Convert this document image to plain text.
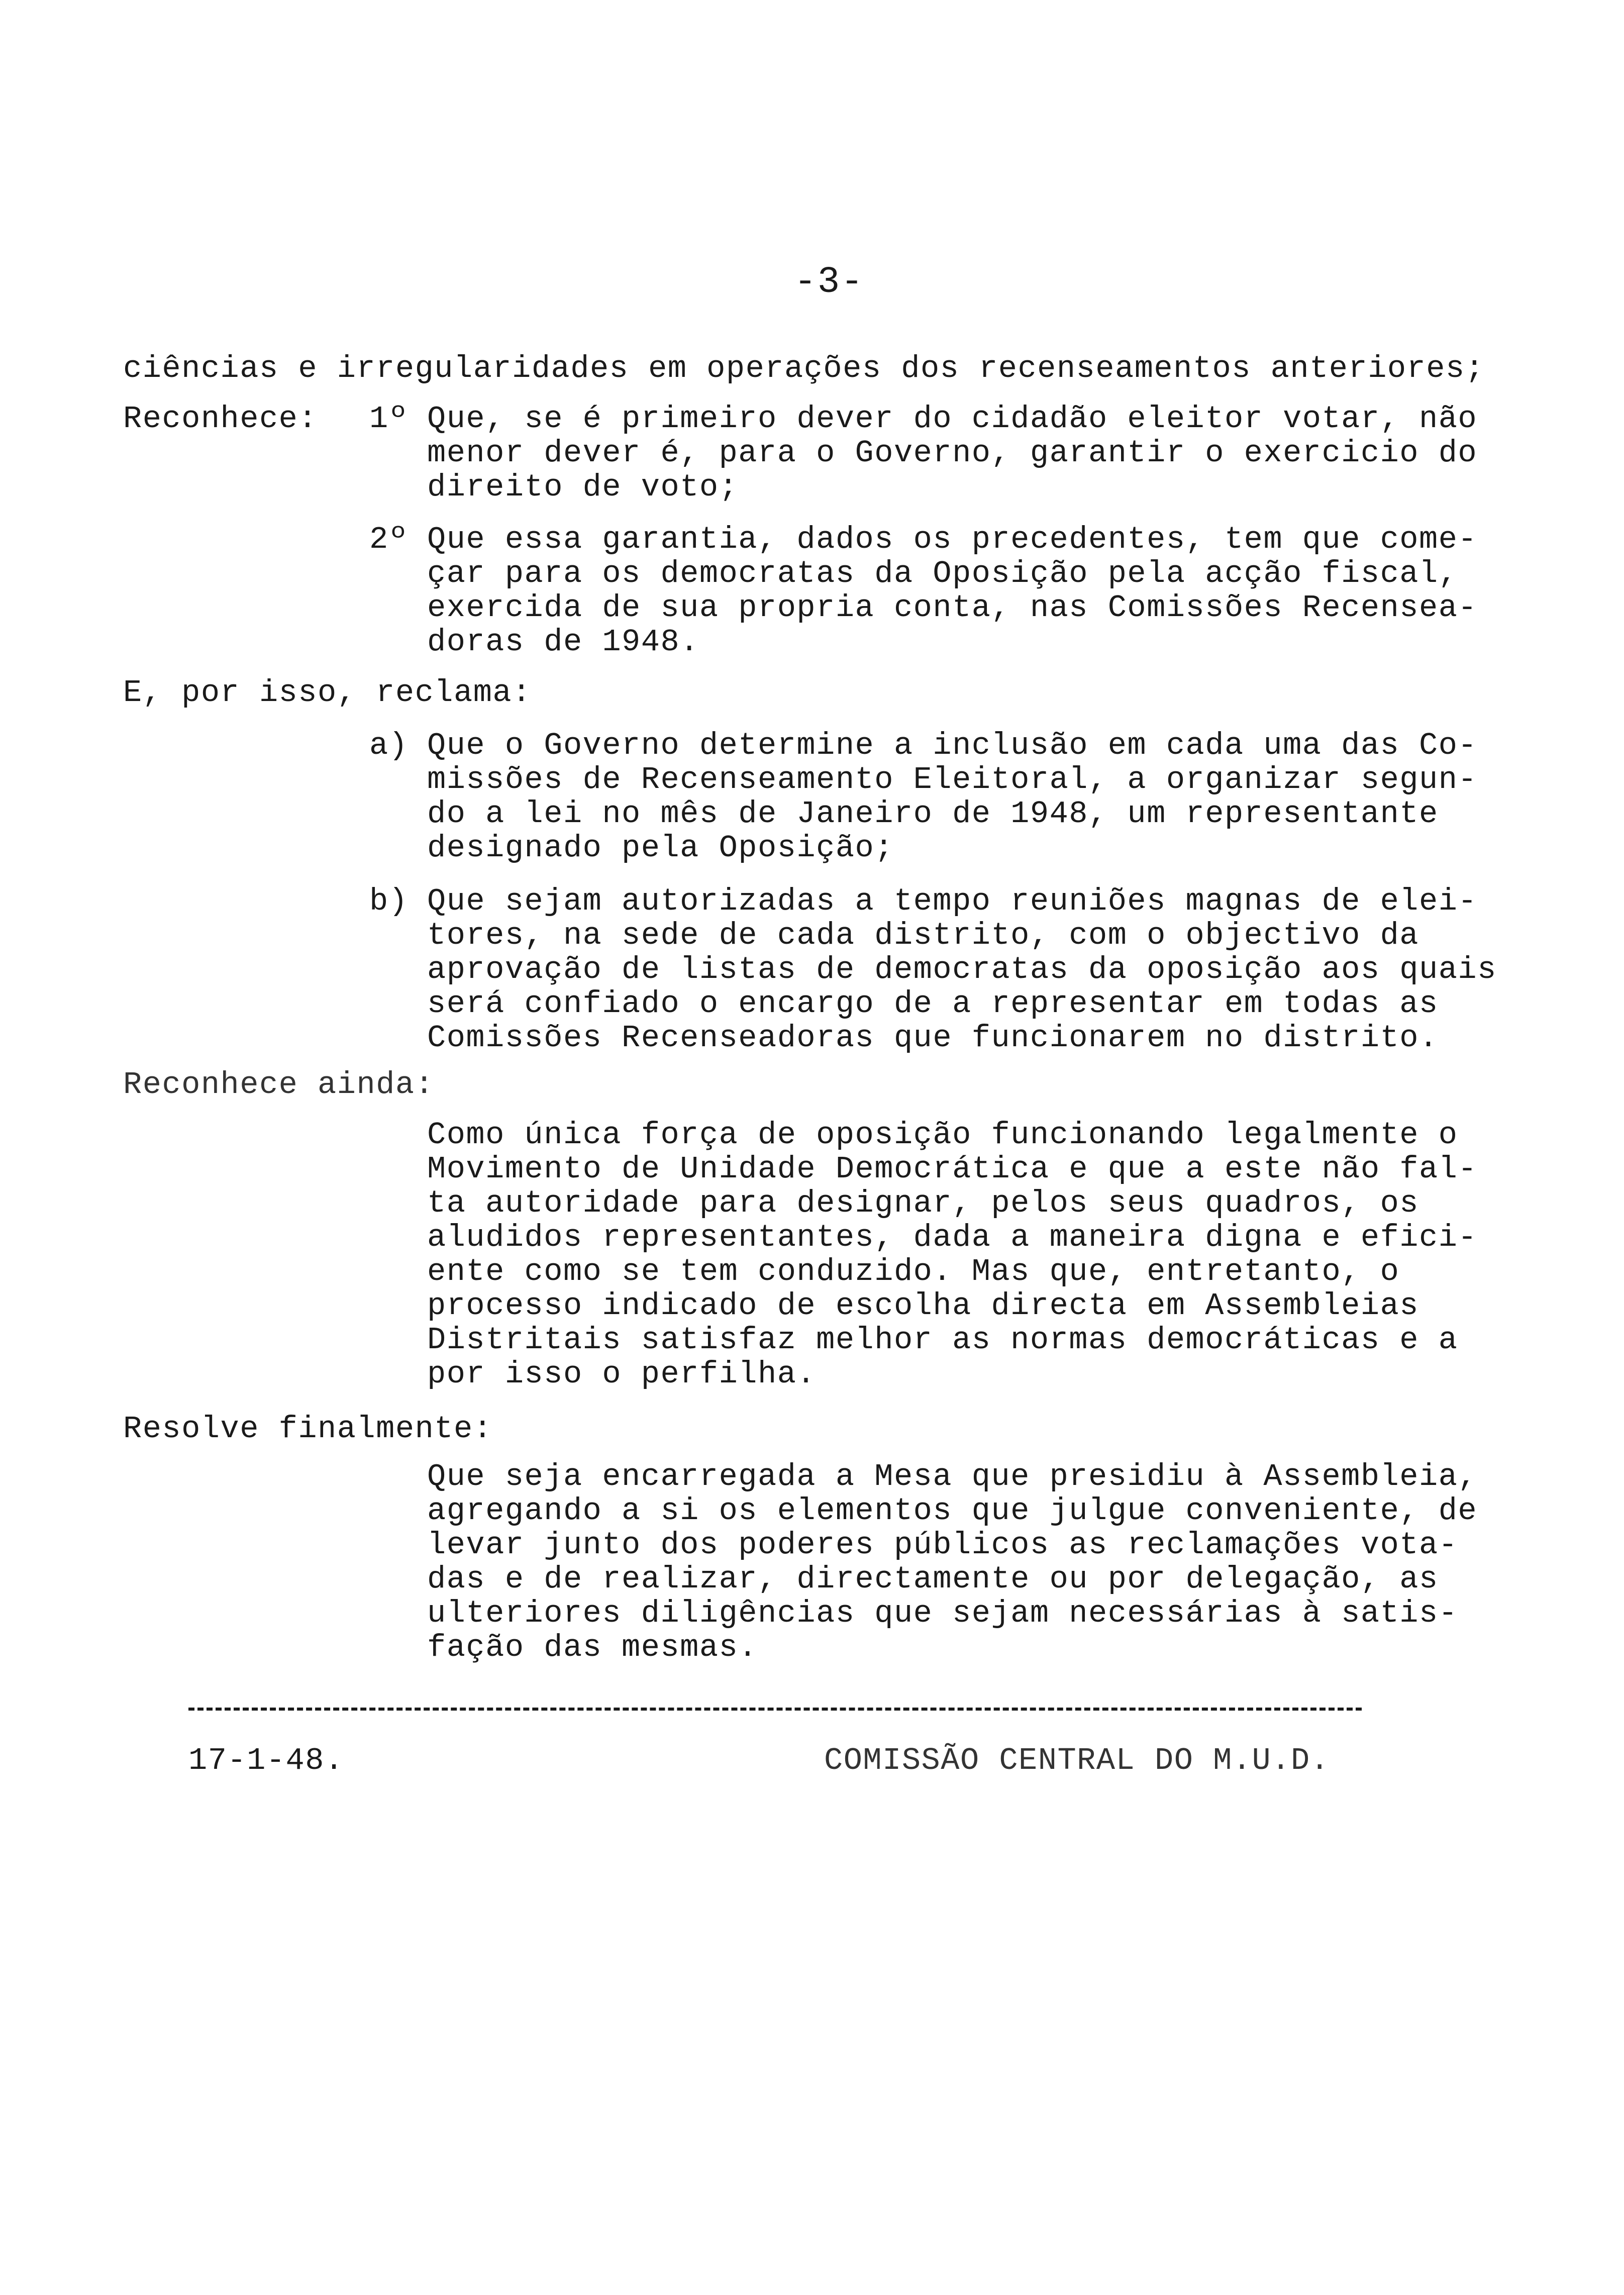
-3-
ciências e irregularidades em operações dos recenseamentos anteriores;
Reconhece: 1º Que, se é primeiro dever do cidadão eleitor votar, não
menor dever é, para o Governo, garantir o exercicio do
direito de voto;
2º Que essa garantia, dados os precedentes, tem que come-
çar para os democratas da Oposição pela acção fiscal,
exercida de sua propria conta, nas Comissões Recensea-
doras de 1948.
E, por isso, reclama:
a) Que o Governo determine a inclusão em cada uma das Co-
missões de Recenseamento Eleitoral, a organizar segun-
do a lei no mês de Janeiro de 1948, um representante
designado pela Oposição;
b) Que sejam autorizadas a tempo reuniões magnas de elei-
tores, na sede de cada distrito, com o objectivo da
aprovação de listas de democratas da oposição aos quais
será confiado o encargo de a representar em todas as
Comissões Recenseadoras que funcionarem no distrito.
Reconhece ainda:
Como única força de oposição funcionando legalmente o
Movimento de Unidade Democrática e que a este não fal-
ta autoridade para designar, pelos seus quadros, os
aludidos representantes, dada a maneira digna e efici-
ente como se tem conduzido. Mas que, entretanto, o
processo indicado de escolha directa em Assembleias
Distritais satisfaz melhor as normas democráticas e a
por isso o perfilha.
Resolve finalmente:
Que seja encarregada a Mesa que presidiu à Assembleia,
agregando a si os elementos que julgue conveniente, de
levar junto dos poderes públicos as reclamações vota-
das e de realizar, directamente ou por delegação, as
ulteriores diligências que sejam necessárias à satis-
fação das mesmas.
17-1-48.	COMISSÃO CENTRAL DO M.U.D.
